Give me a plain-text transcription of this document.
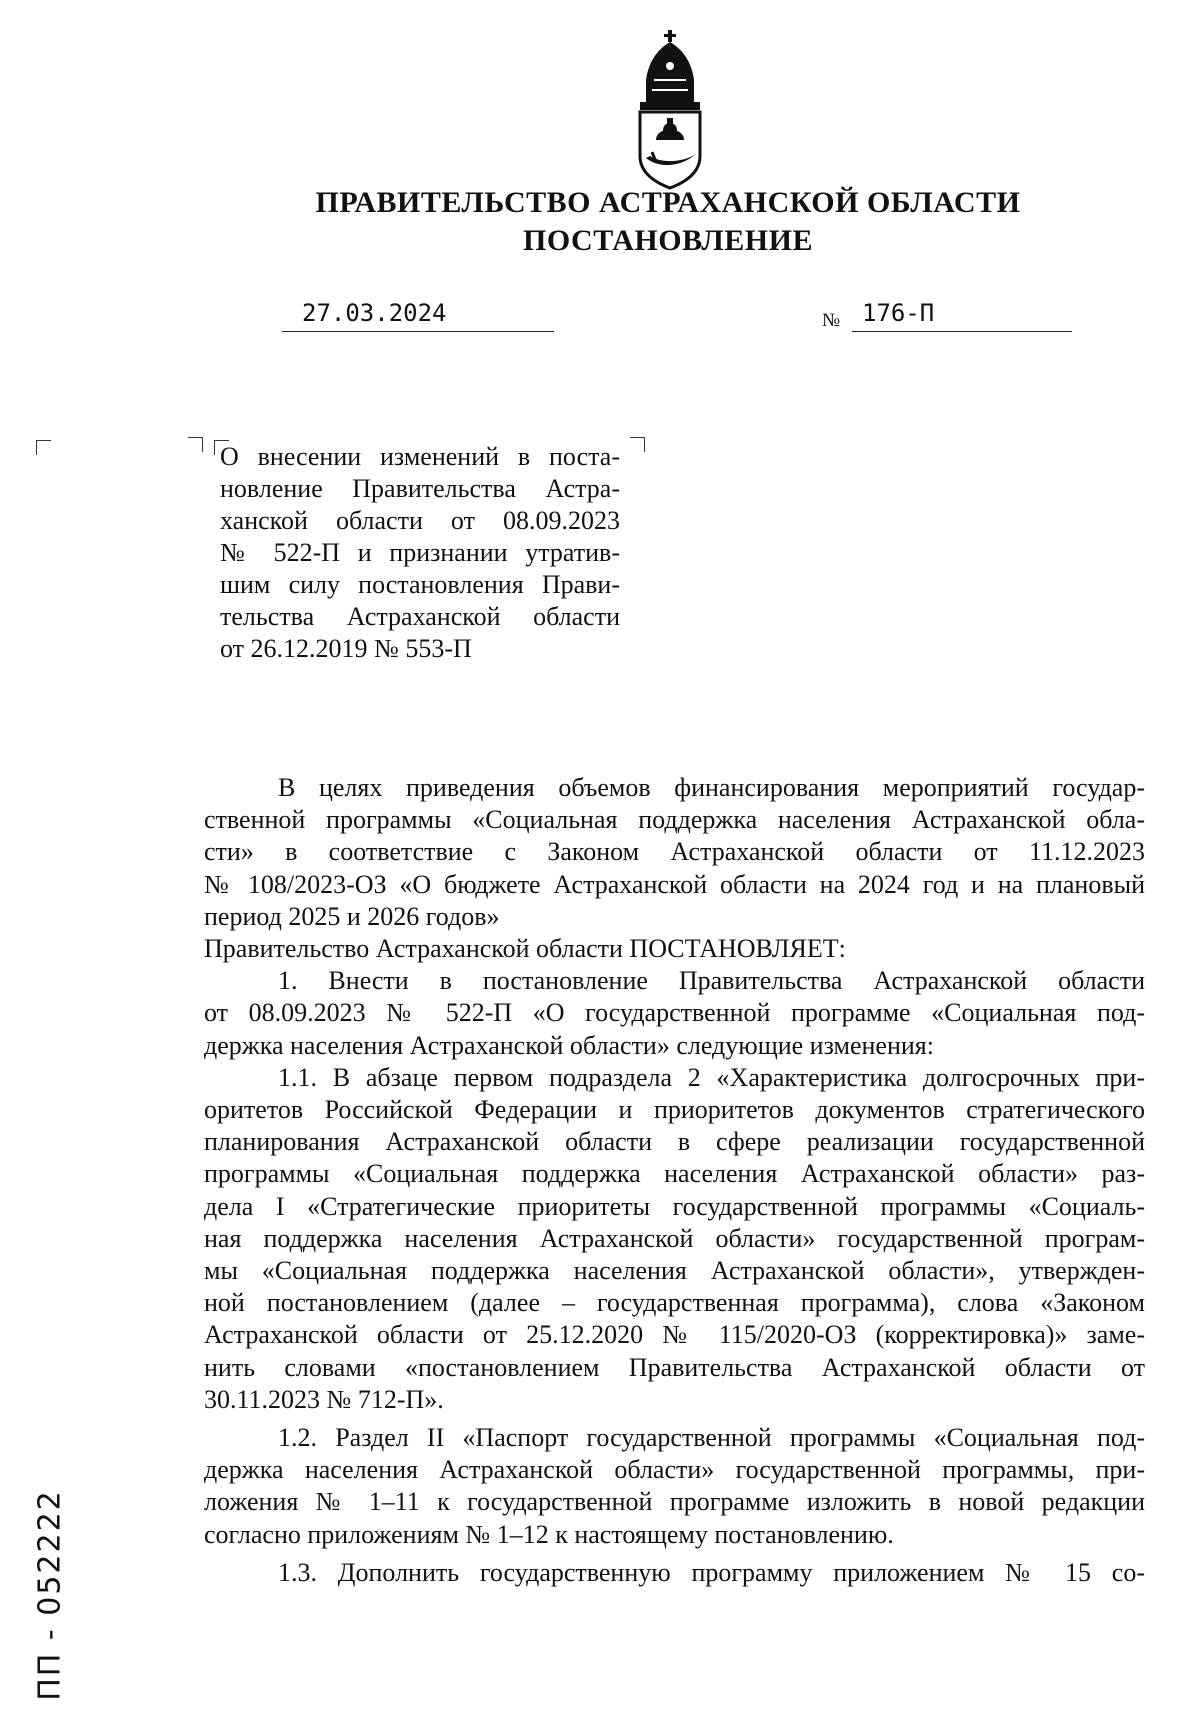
ПРАВИТЕЛЬСТВО АСТРАХАНСКОЙ ОБЛАСТИ
ПОСТАНОВЛЕНИЕ
27.03.2024	№ 176-П
О внесении изменений в поста-
новление Правительства Астра-
ханской области от 08.09.2023
№ 522-П и признании утратив-
шим силу постановления Прави-
тельства Астраханской области
от 26.12.2019 № 553-П
В целях приведения объемов финансирования мероприятий государ-
ственной программы «Социальная поддержка населения Астраханской обла-
сти» в соответствие с Законом Астраханской области от 11.12.2023
№ 108/2023-ОЗ «О бюджете Астраханской области на 2024 год и на плановый
период 2025 и 2026 годов»
Правительство Астраханской области ПОСТАНОВЛЯЕТ:
1. Внести в постановление Правительства Астраханской области
от 08.09.2023 № 522-П «О государственной программе «Социальная под-
держка населения Астраханской области» следующие изменения:
1.1. В абзаце первом подраздела 2 «Характеристика долгосрочных при-
оритетов Российской Федерации и приоритетов документов стратегического
планирования Астраханской области в сфере реализации государственной
программы «Социальная поддержка населения Астраханской области» раз-
дела I «Стратегические приоритеты государственной программы «Социаль-
ная поддержка населения Астраханской области» государственной програм-
мы «Социальная поддержка населения Астраханской области», утвержден-
ной постановлением (далее – государственная программа), слова «Законом
Астраханской области от 25.12.2020 № 115/2020-ОЗ (корректировка)» заме-
нить словами «постановлением Правительства Астраханской области от
30.11.2023 № 712-П».
1.2. Раздел II «Паспорт государственной программы «Социальная под-
держка населения Астраханской области» государственной программы, при-
ложения № 1–11 к государственной программе изложить в новой редакции
согласно приложениям № 1–12 к настоящему постановлению.
1.3. Дополнить государственную программу приложением № 15 со-
ПП - 052222
